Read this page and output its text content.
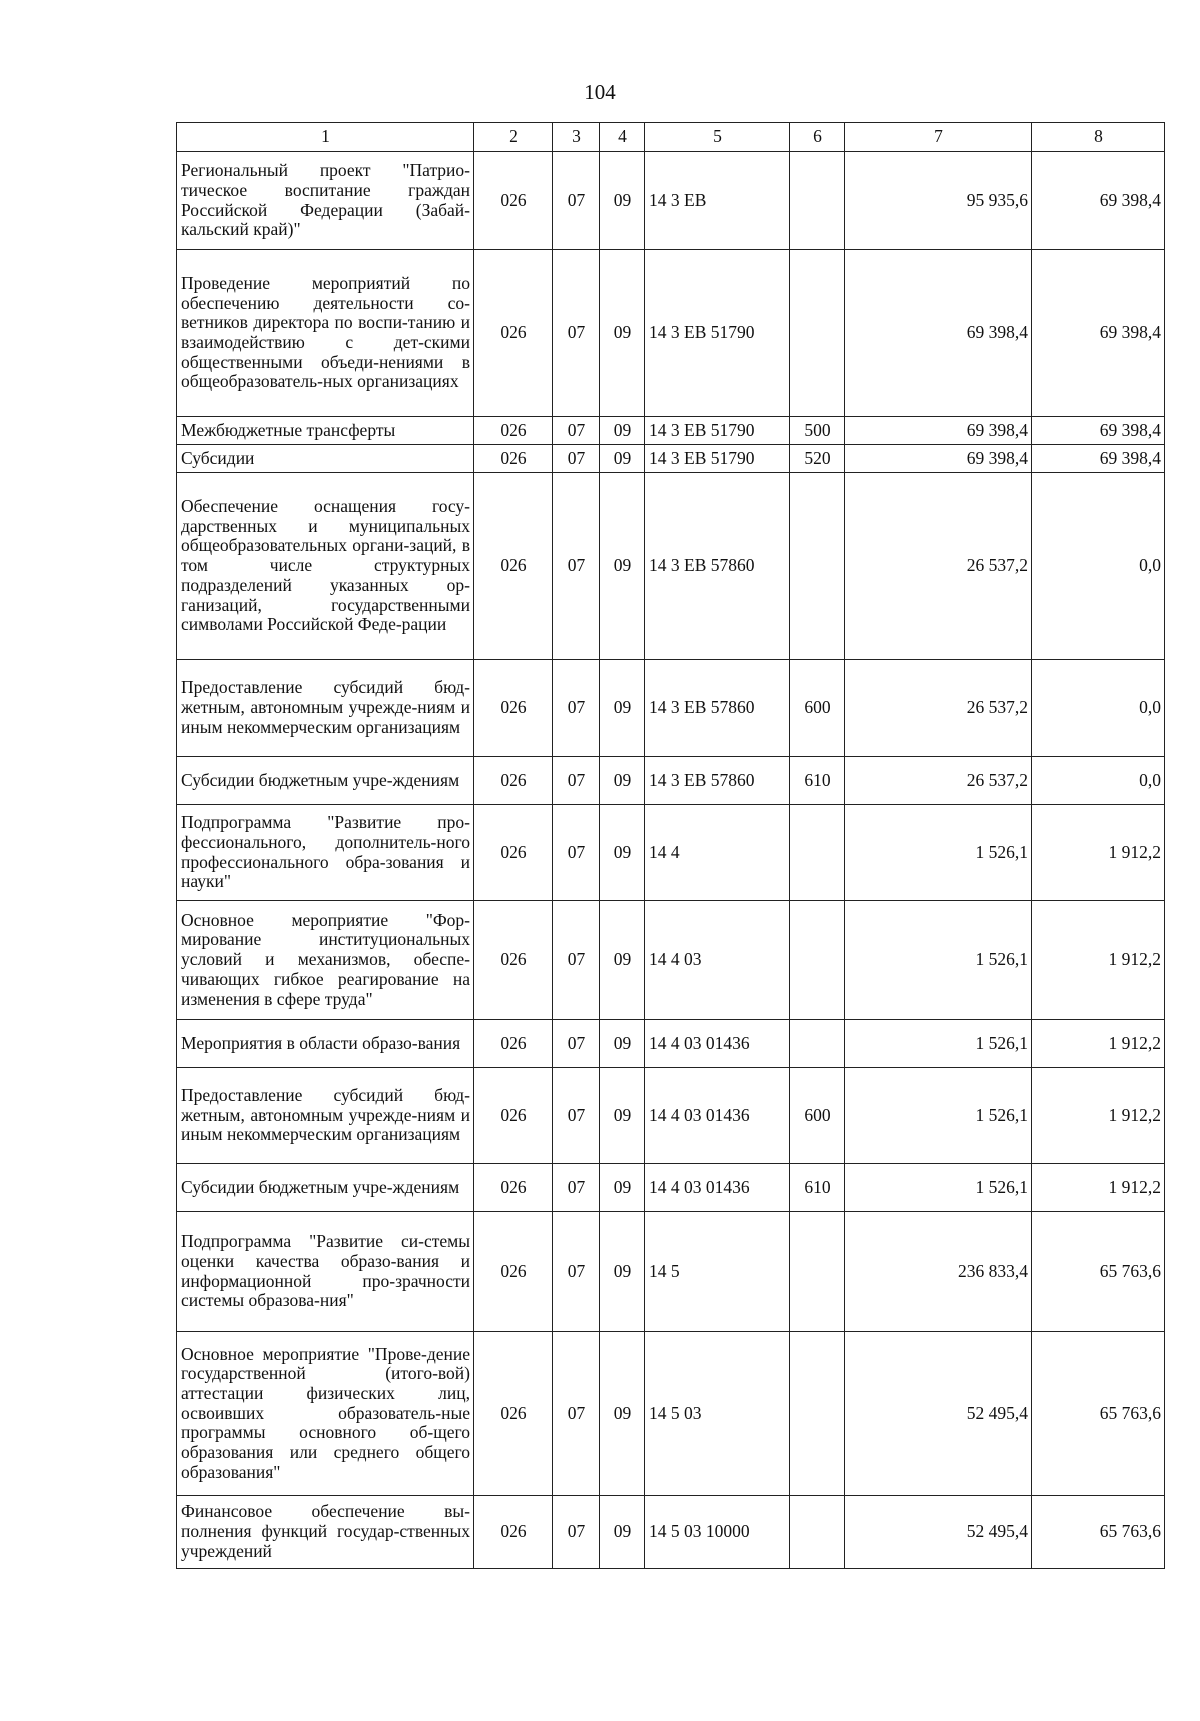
104
1	2	3	4	5	6	7	8
Региональный проект "Патрио-тическое воспитание граждан Российской Федерации (Забай-кальский край)"	026	07	09	14 3 ЕВ		95 935,6	69 398,4
Проведение мероприятий по обеспечению деятельности со-ветников директора по воспи-танию и взаимодействию с дет-скими общественными объеди-нениями в общеобразователь-ных организациях	026	07	09	14 3 ЕВ 51790		69 398,4	69 398,4
Межбюджетные трансферты	026	07	09	14 3 ЕВ 51790	500	69 398,4	69 398,4
Субсидии	026	07	09	14 3 ЕВ 51790	520	69 398,4	69 398,4
Обеспечение оснащения госу-дарственных и муниципальных общеобразовательных органи-заций, в том числе структурных подразделений указанных ор-ганизаций, государственными символами Российской Феде-рации	026	07	09	14 3 ЕВ 57860		26 537,2	0,0
Предоставление субсидий бюд-жетным, автономным учрежде-ниям и иным некоммерческим организациям	026	07	09	14 3 ЕВ 57860	600	26 537,2	0,0
Субсидии бюджетным учре-ждениям	026	07	09	14 3 ЕВ 57860	610	26 537,2	0,0
Подпрограмма "Развитие про-фессионального, дополнитель-ного профессионального обра-зования и науки"	026	07	09	14 4		1 526,1	1 912,2
Основное мероприятие "Фор-мирование институциональных условий и механизмов, обеспе-чивающих гибкое реагирование на изменения в сфере труда"	026	07	09	14 4 03		1 526,1	1 912,2
Мероприятия в области образо-вания	026	07	09	14 4 03 01436		1 526,1	1 912,2
Предоставление субсидий бюд-жетным, автономным учрежде-ниям и иным некоммерческим организациям	026	07	09	14 4 03 01436	600	1 526,1	1 912,2
Субсидии бюджетным учре-ждениям	026	07	09	14 4 03 01436	610	1 526,1	1 912,2
Подпрограмма "Развитие си-стемы оценки качества образо-вания и информационной про-зрачности системы образова-ния"	026	07	09	14 5		236 833,4	65 763,6
Основное мероприятие "Прове-дение государственной (итого-вой) аттестации физических лиц, освоивших образователь-ные программы основного об-щего образования или среднего общего образования"	026	07	09	14 5 03		52 495,4	65 763,6
Финансовое обеспечение вы-полнения функций государ-ственных учреждений	026	07	09	14 5 03 10000		52 495,4	65 763,6
